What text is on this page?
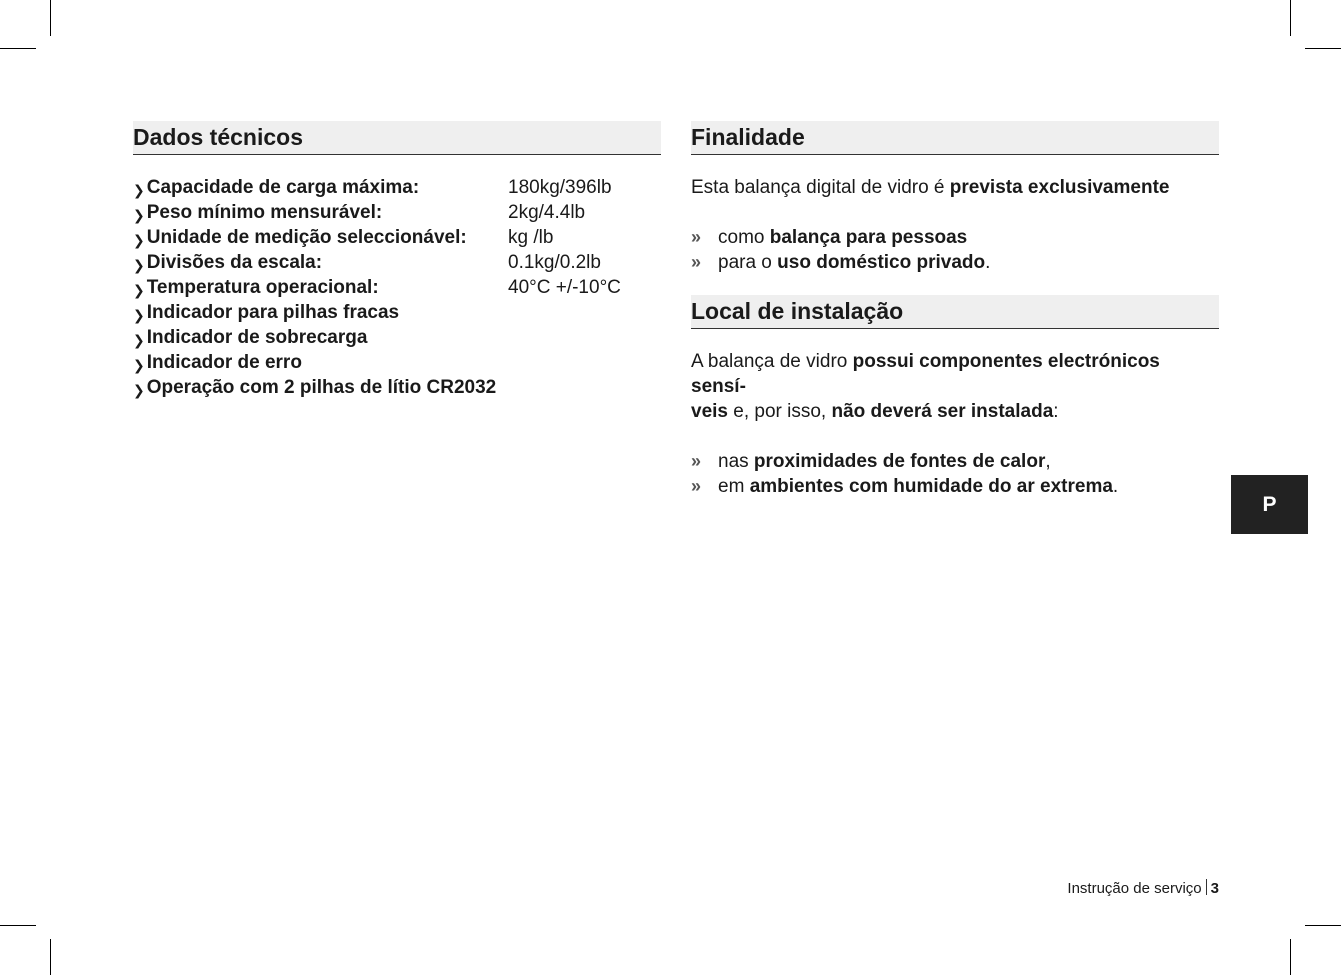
Dados técnicos
❯ Capacidade de carga máxima:	180kg/396lb
❯ Peso mínimo mensurável:	2kg/4.4lb
❯ Unidade de medição seleccionável:	kg /lb
❯ Divisões da escala:	0.1kg/0.2lb
❯ Temperatura operacional:	40°C +/-10°C
❯ Indicador para pilhas fracas
❯ Indicador de sobrecarga
❯ Indicador de erro
❯ Operação com 2 pilhas de lítio CR2032
Finalidade

Esta balança digital de vidro é prevista exclusivamente

» como balança para pessoas
» para o uso doméstico privado.
Local de instalação

A balança de vidro possui componentes electrónicos sensí-
veis e, por isso, não deverá ser instalada:

» nas proximidades de fontes de calor,
» em ambientes com humidade do ar extrema.
P
Instrução de serviço 3
